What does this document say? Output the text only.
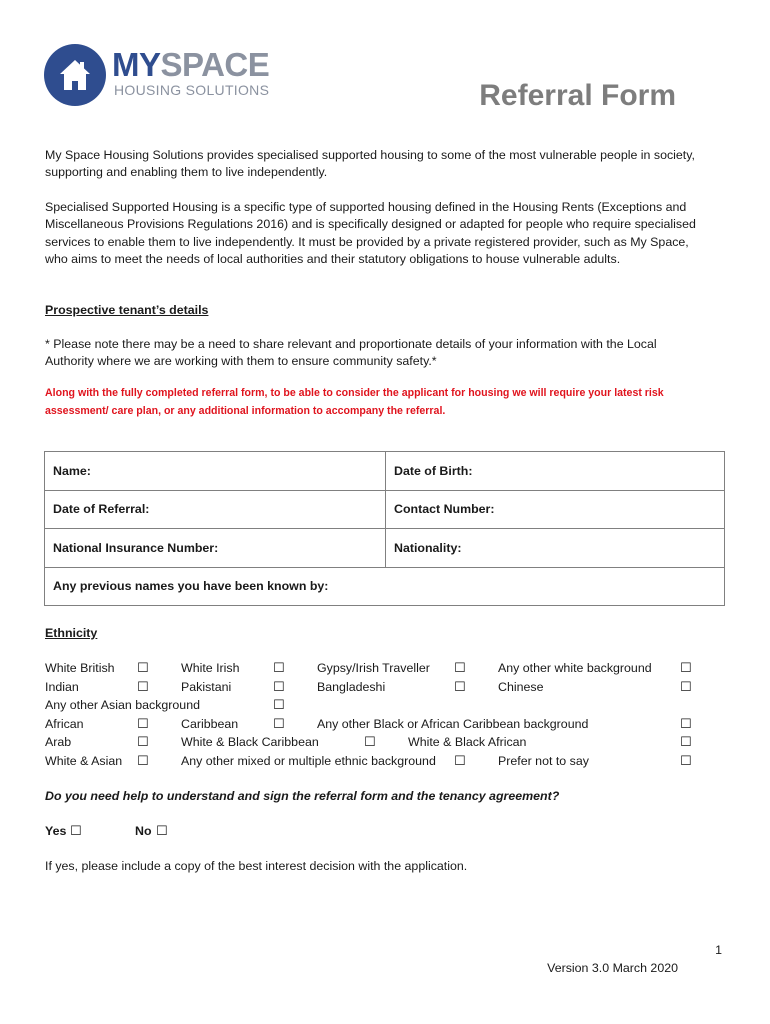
MYSPACE
HOUSING SOLUTIONS	Referral Form
My Space Housing Solutions provides specialised supported housing to some of the most vulnerable people in society, supporting and enabling them to live independently.
Specialised Supported Housing is a specific type of supported housing defined in the Housing Rents (Exceptions and Miscellaneous Provisions Regulations 2016) and is specifically designed or adapted for people who require specialised services to enable them to live independently. It must be provided by a private registered provider, such as My Space, who aims to meet the needs of local authorities and their statutory obligations to house vulnerable adults.
Prospective tenant’s details
* Please note there may be a need to share relevant and proportionate details of your information with the Local Authority where we are working with them to ensure community safety.*
Along with the fully completed referral form, to be able to consider the applicant for housing we will require your latest risk assessment/ care plan, or any additional information to accompany the referral.
Name:	Date of Birth:
Date of Referral:	Contact Number:
National Insurance Number:	Nationality:
Any previous names you have been known by:	
Ethnicity
White British ☐	White Irish	☐	Gypsy/Irish Traveller ☐	Any other white background ☐
Indian	☐	Pakistani	☐	Bangladeshi	☐	Chinese	☐
Any other Asian background	☐
African	☐	Caribbean	☐	Any other Black or African Caribbean background	☐
Arab	☐	White & Black Caribbean	☐	White & Black African	☐
White & Asian ☐	Any other mixed or multiple ethnic background ☐	Prefer not to say	☐
Do you need help to understand and sign the referral form and the tenancy agreement?
Yes ☐	No ☐
If yes, please include a copy of the best interest decision with the application.
1
Version 3.0 March 2020
